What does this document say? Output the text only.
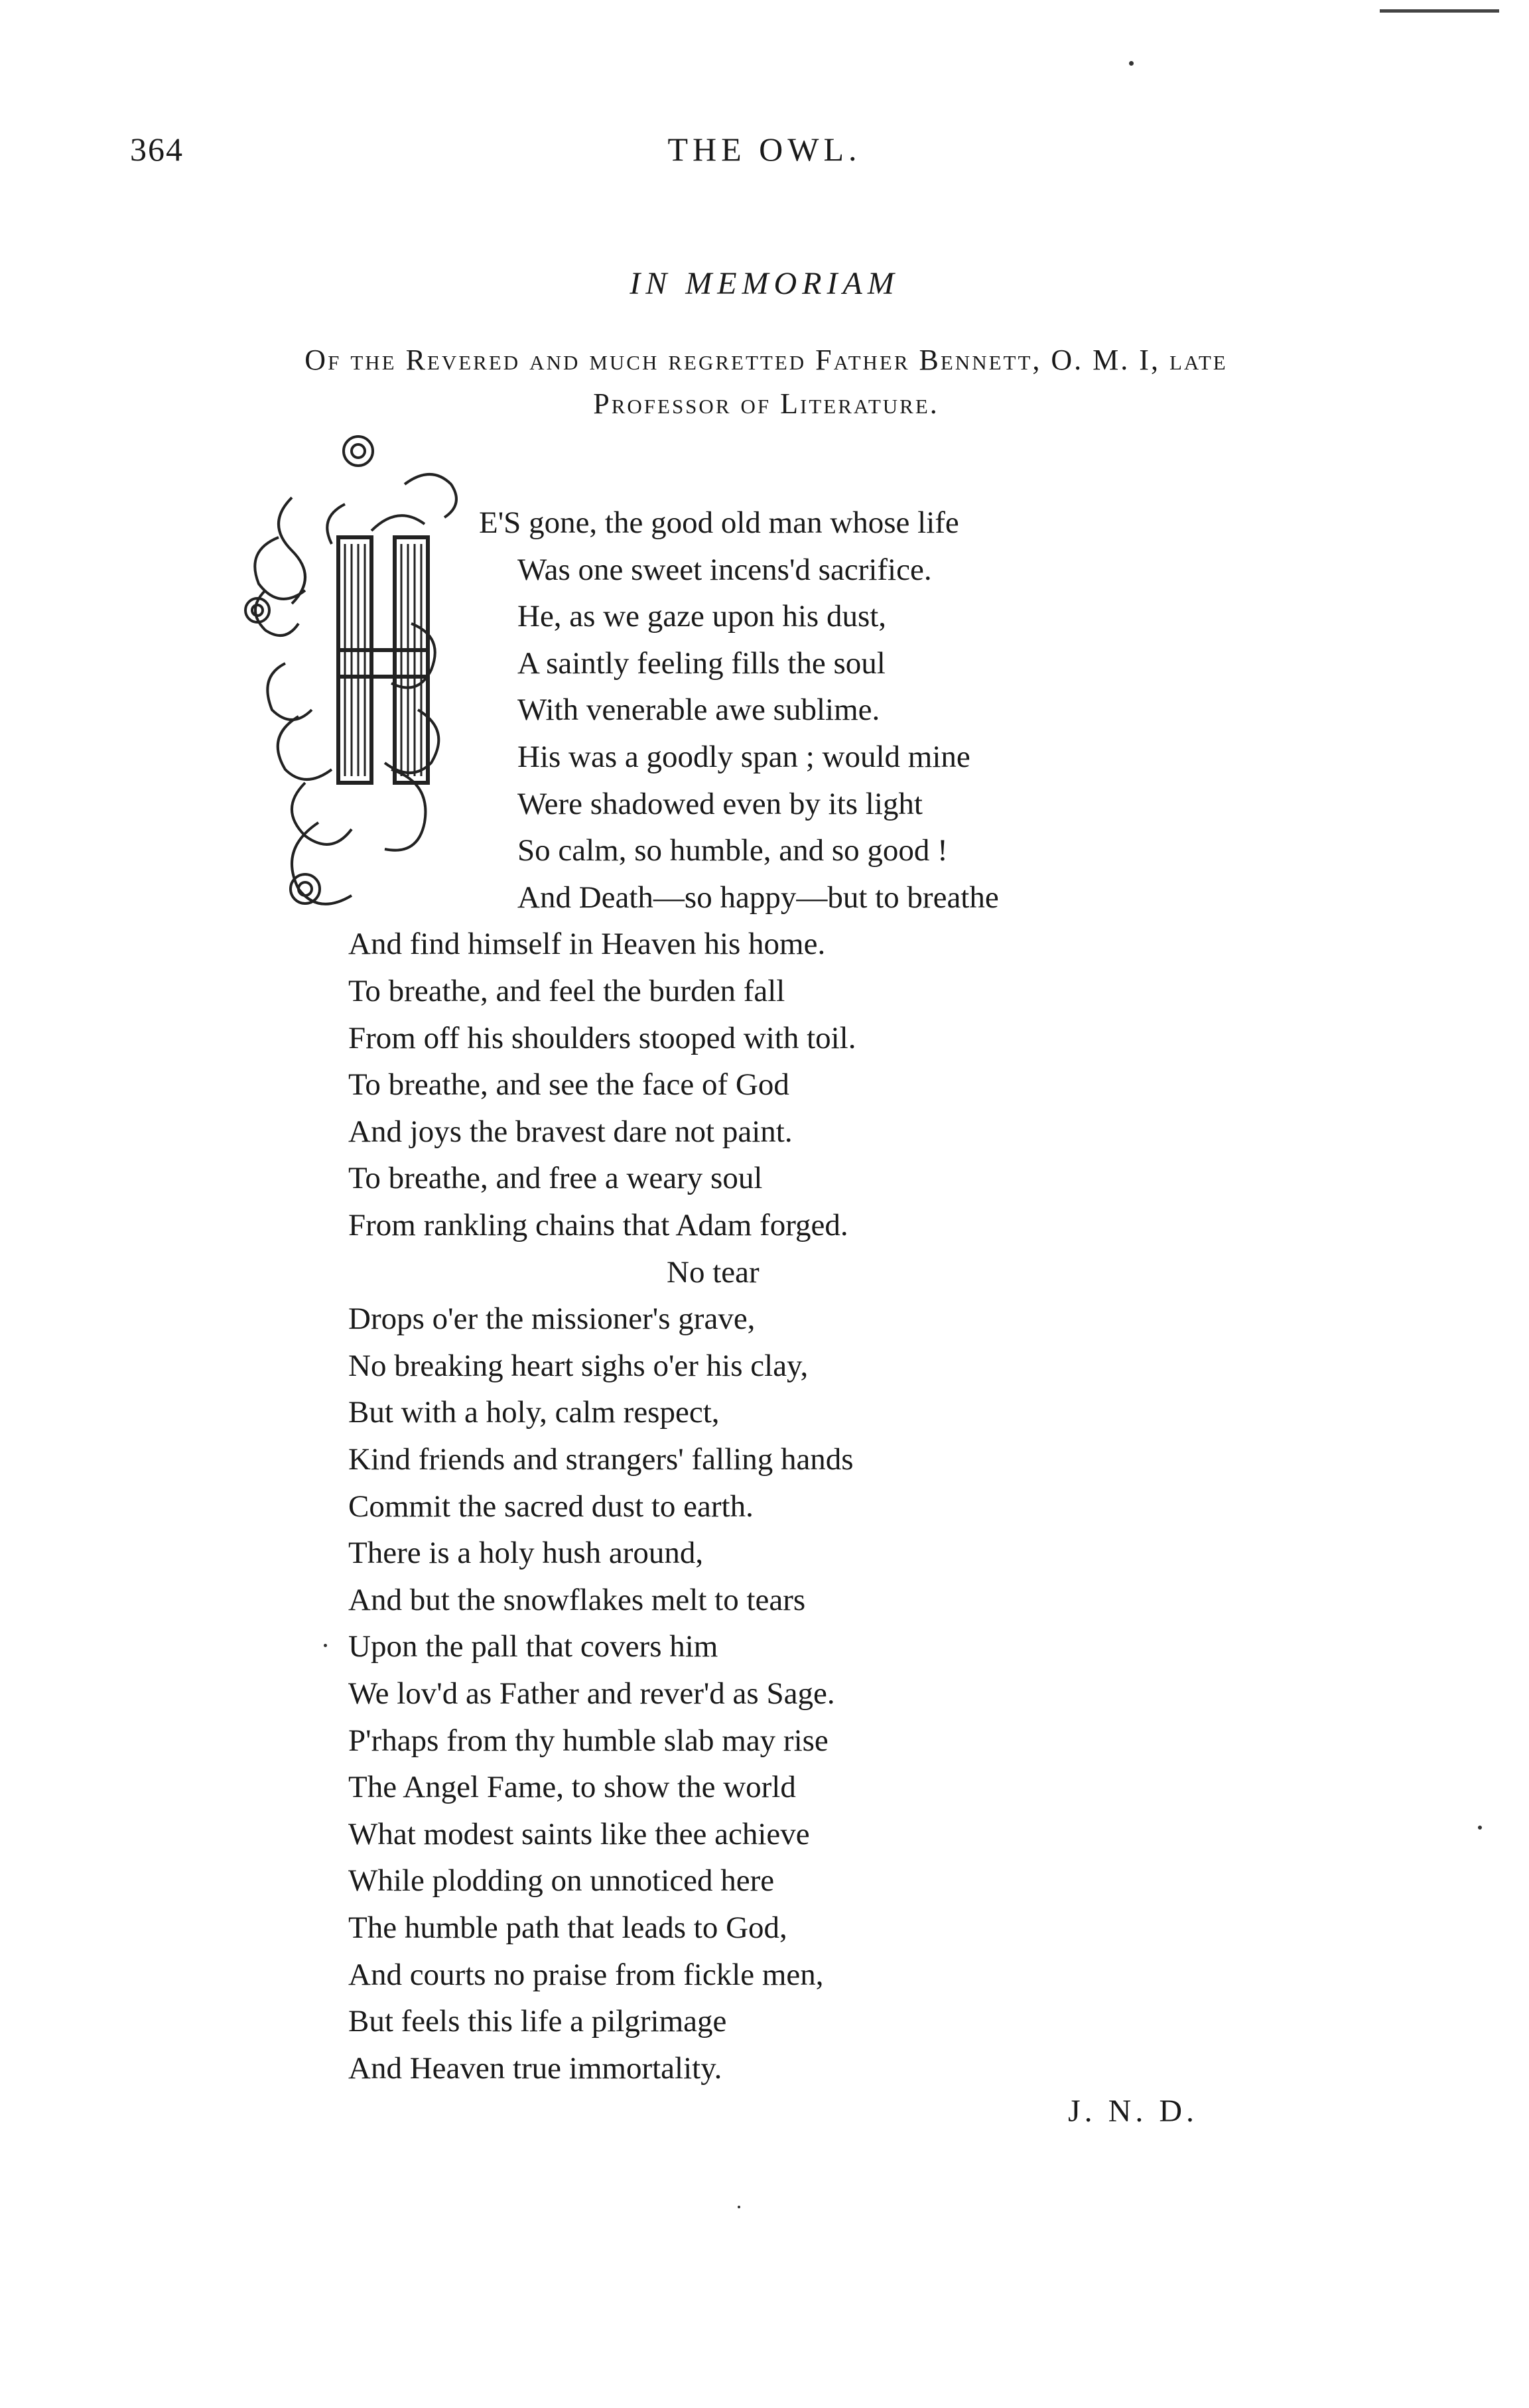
364	THE OWL.
IN MEMORIAM
Of the Revered and much regretted Father Bennett, O. M. I, late
Professor of Literature.
H
E'S gone, the good old man whose life
Was one sweet incens'd sacrifice.
He, as we gaze upon his dust,
A saintly feeling fills the soul
With venerable awe sublime.
His was a goodly span ; would mine
Were shadowed even by its light
So calm, so humble, and so good !
And Death—so happy—but to breathe
And find himself in Heaven his home.
To breathe, and feel the burden fall
From off his shoulders stooped with toil.
To breathe, and see the face of God
And joys the bravest dare not paint.
To breathe, and free a weary soul
From rankling chains that Adam forged.
No tear
Drops o'er the missioner's grave,
No breaking heart sighs o'er his clay,
But with a holy, calm respect,
Kind friends and strangers' falling hands
Commit the sacred dust to earth.
There is a holy hush around,
And but the snowflakes melt to tears
Upon the pall that covers him
We lov'd as Father and rever'd as Sage.
P'rhaps from thy humble slab may rise
The Angel Fame, to show the world
What modest saints like thee achieve
While plodding on unnoticed here
The humble path that leads to God,
And courts no praise from fickle men,
But feels this life a pilgrimage
And Heaven true immortality.
J. N. D.
